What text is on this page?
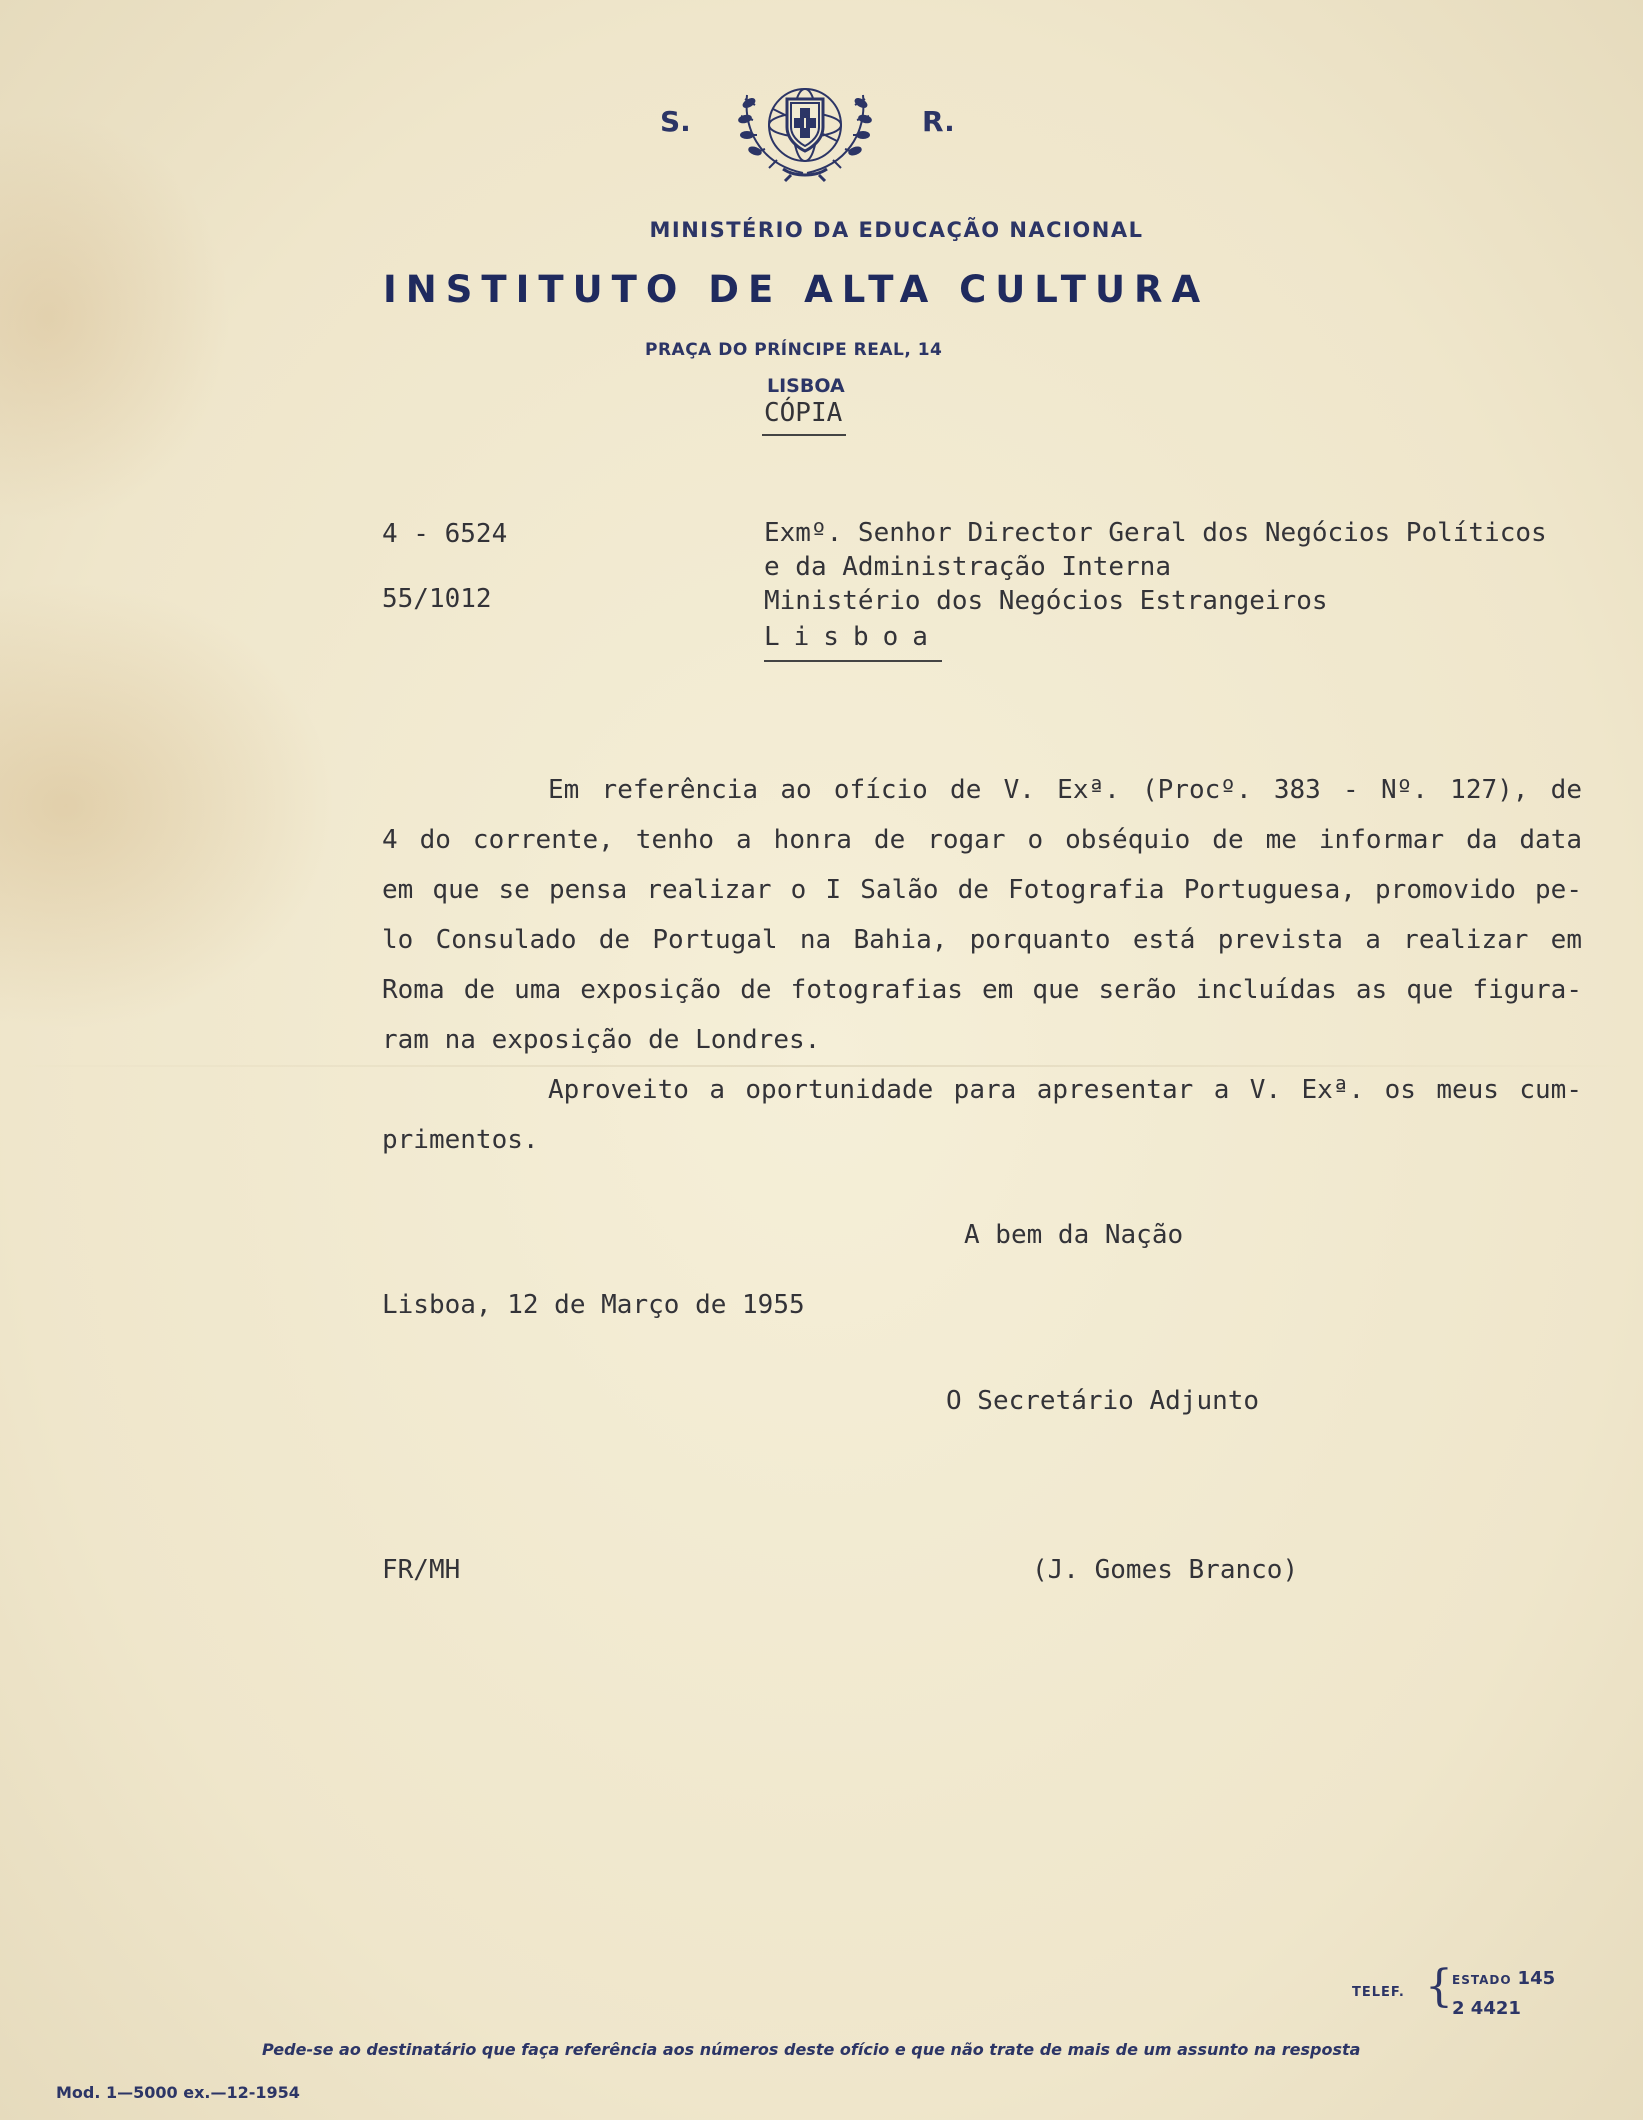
S.	R.
MINISTÉRIO DA EDUCAÇÃO NACIONAL
INSTITUTO DE ALTA CULTURA
PRAÇA DO PRÍNCIPE REAL, 14
LISBOA
CÓPIA
4 - 6524
55/1012
Exmº. Senhor Director Geral dos Negócios Políticos
e da Administração Interna
Ministério dos Negócios Estrangeiros
Lisboa
Em referência ao ofício de V. Exª. (Procº. 383 - Nº. 127), de
4 do corrente, tenho a honra de rogar o obséquio de me informar da data
em que se pensa realizar o I Salão de Fotografia Portuguesa, promovido pe-
lo Consulado de Portugal na Bahia, porquanto está prevista a realizar em
Roma de uma exposição de fotografias em que serão incluídas as que figura-
ram na exposição de Londres.
Aproveito a oportunidade para apresentar a V. Exª. os meus cum-
primentos.
A bem da Nação
Lisboa, 12 de Março de 1955
O Secretário Adjunto
FR/MH	(J. Gomes Branco)
TELEF. { ESTADO 145
2 4421
Pede-se ao destinatário que faça referência aos números deste ofício e que não trate de mais de um assunto na resposta
Mod. 1—5000 ex.—12-1954
